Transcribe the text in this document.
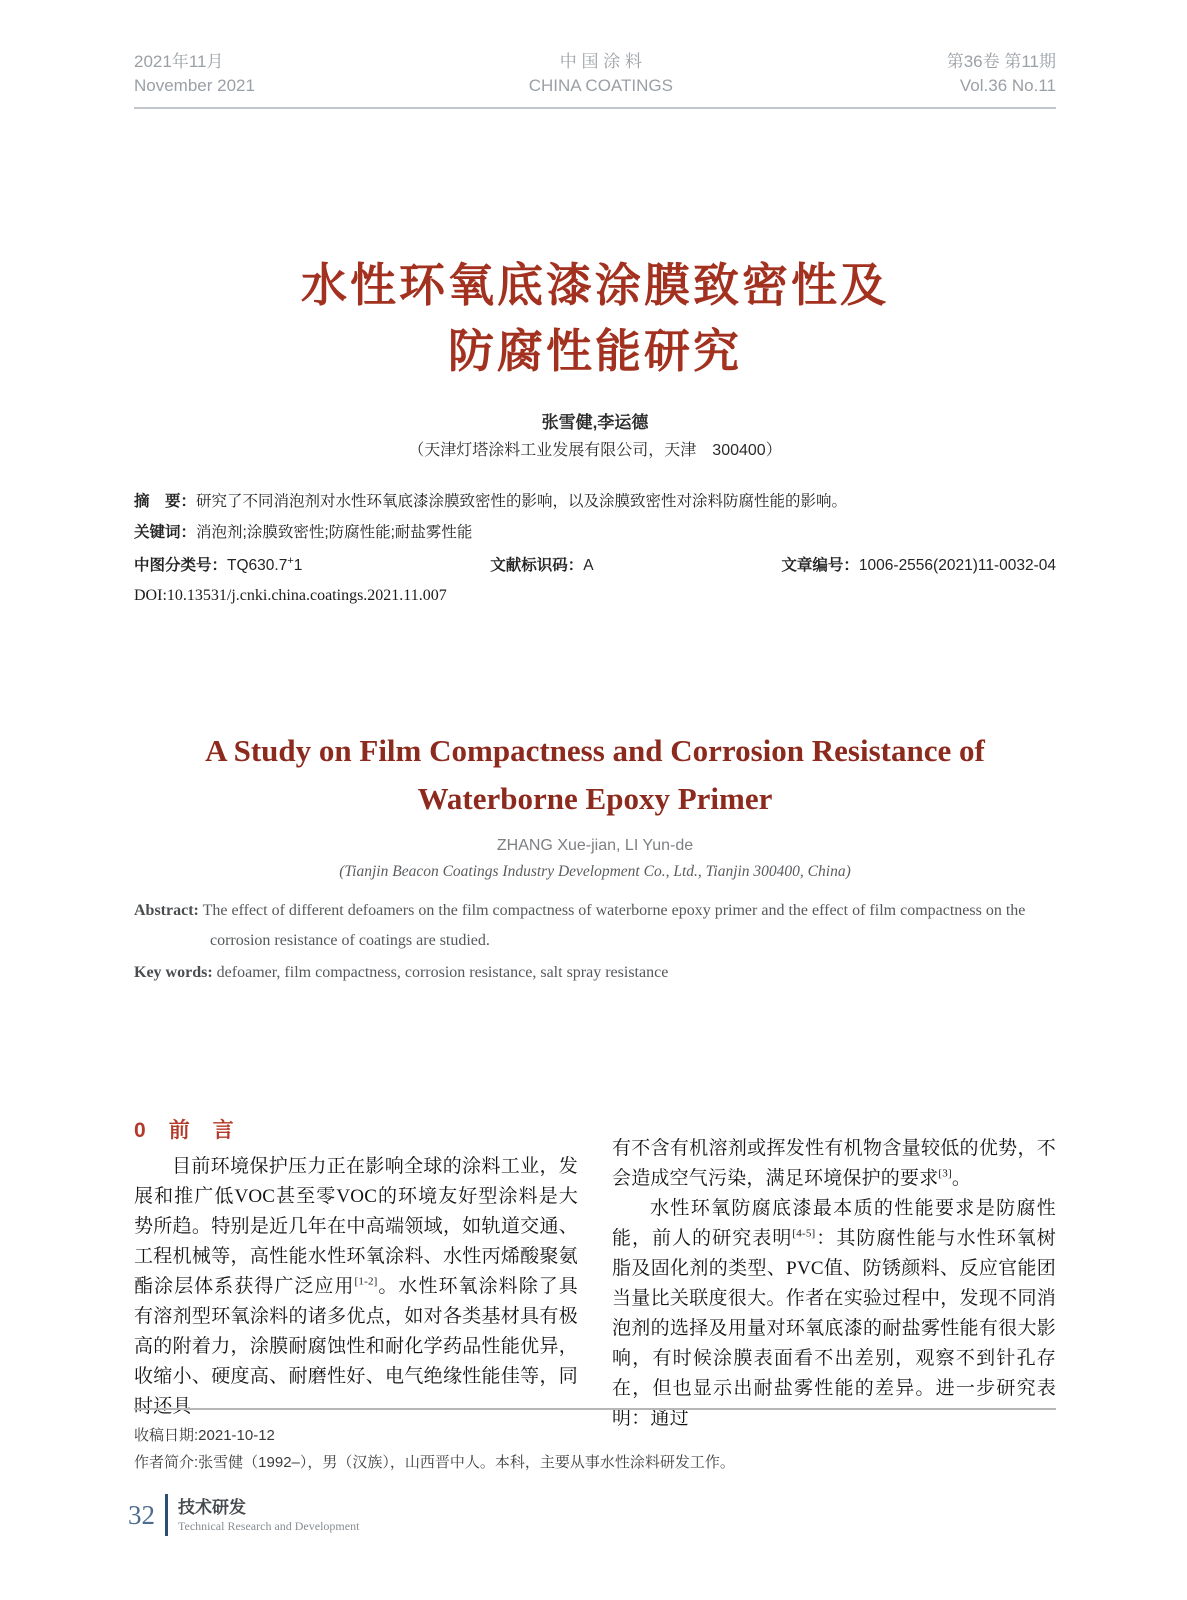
2021年11月
November 2021
中 国 涂 料
CHINA COATINGS
第36卷 第11期
Vol.36 No.11
水性环氧底漆涂膜致密性及
防腐性能研究
张雪健,李运德
（天津灯塔涂料工业发展有限公司，天津　300400）
摘　要：研究了不同消泡剂对水性环氧底漆涂膜致密性的影响，以及涂膜致密性对涂料防腐性能的影响。
关键词：消泡剂;涂膜致密性;防腐性能;耐盐雾性能
中图分类号：TQ630.7+1	文献标识码：A	文章编号：1006-2556(2021)11-0032-04
DOI:10.13531/j.cnki.china.coatings.2021.11.007
A Study on Film Compactness and Corrosion Resistance of
Waterborne Epoxy Primer
ZHANG Xue-jian, LI Yun-de
(Tianjin Beacon Coatings Industry Development Co., Ltd., Tianjin 300400, China)

Abstract: The effect of different defoamers on the film compactness of waterborne epoxy primer and the effect of film compactness on the corrosion resistance of coatings are studied.

Key words: defoamer, film compactness, corrosion resistance, salt spray resistance

0 前　言

目前环境保护压力正在影响全球的涂料工业，发展和推广低VOC甚至零VOC的环境友好型涂料是大势所趋。特别是近几年在中高端领域，如轨道交通、工程机械等，高性能水性环氧涂料、水性丙烯酸聚氨酯涂层体系获得广泛应用[1-2]。水性环氧涂料除了具有溶剂型环氧涂料的诸多优点，如对各类基材具有极高的附着力，涂膜耐腐蚀性和耐化学药品性能优异，收缩小、硬度高、耐磨性好、电气绝缘性能佳等，同时还具

有不含有机溶剂或挥发性有机物含量较低的优势，不会造成空气污染，满足环境保护的要求[3]。

水性环氧防腐底漆最本质的性能要求是防腐性能，前人的研究表明[4-5]：其防腐性能与水性环氧树脂及固化剂的类型、PVC值、防锈颜料、反应官能团当量比关联度很大。作者在实验过程中，发现不同消泡剂的选择及用量对环氧底漆的耐盐雾性能有很大影响，有时候涂膜表面看不出差别，观察不到针孔存在，但也显示出耐盐雾性能的差异。进一步研究表明：通过

收稿日期:2021-10-12
作者简介:张雪健（1992–），男（汉族），山西晋中人。本科，主要从事水性涂料研发工作。
32 技术研发
Technical Research and Development
